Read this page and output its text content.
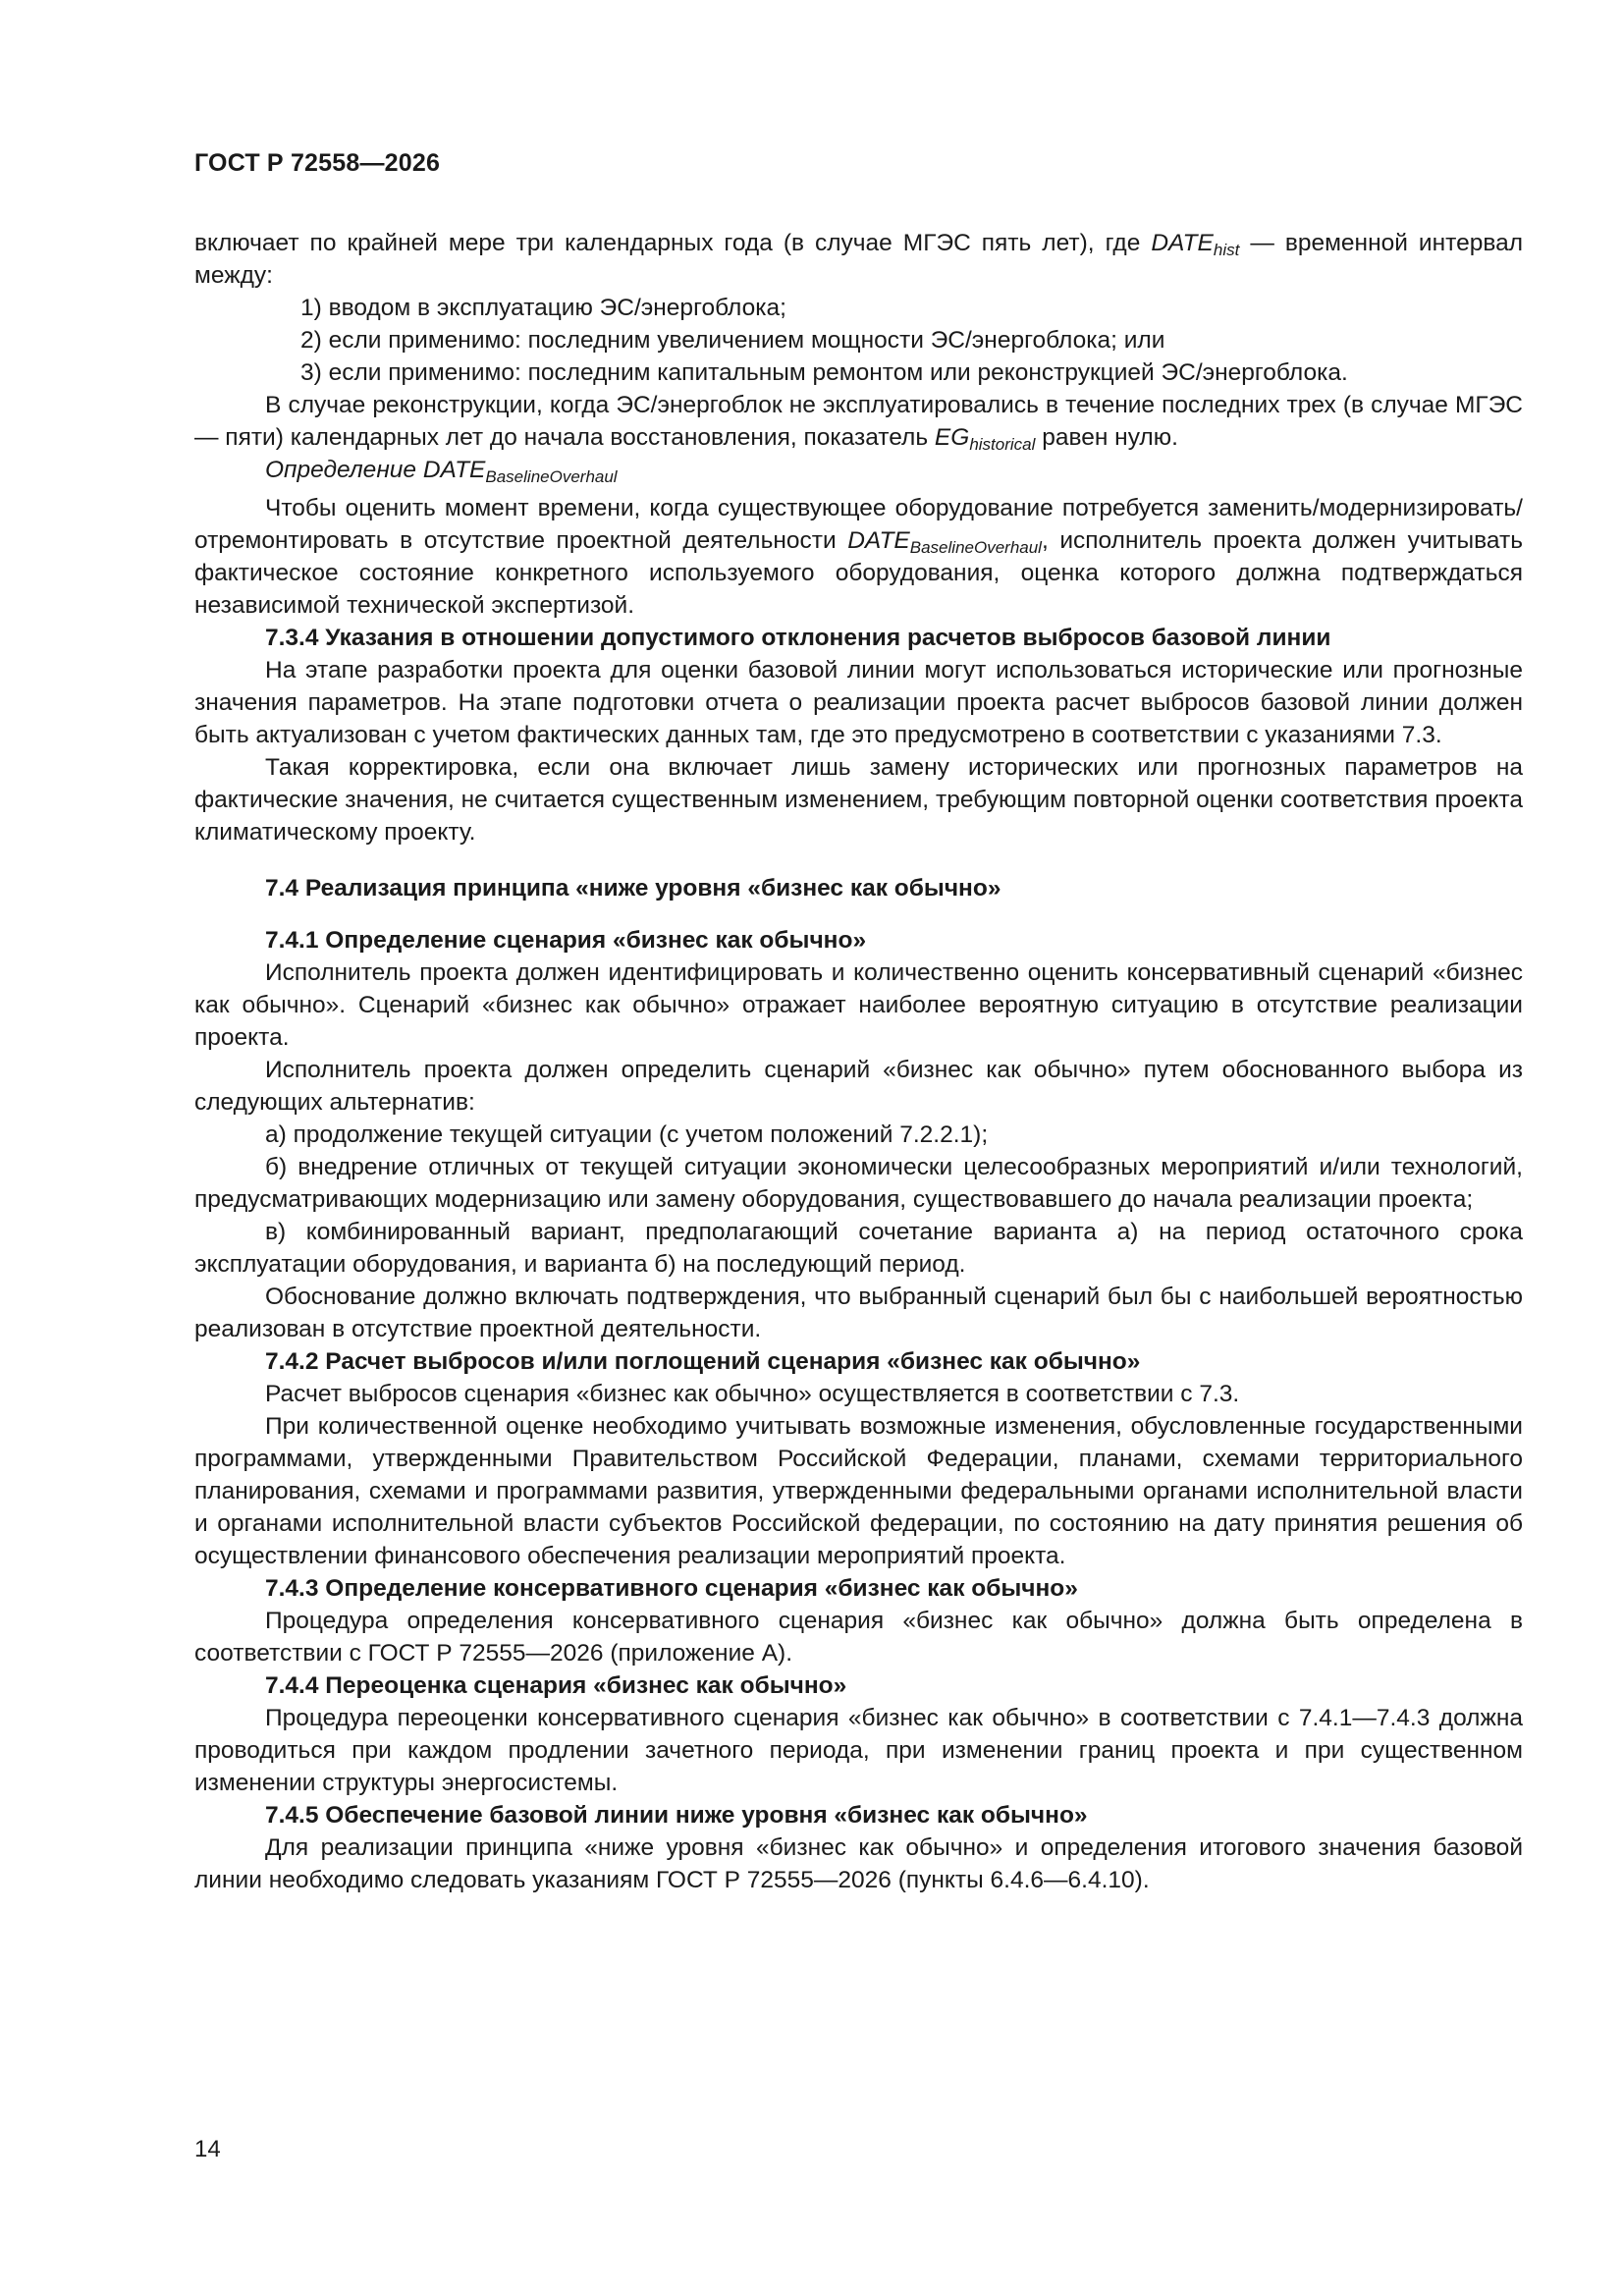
ГОСТ Р 72558—2026

включает по крайней мере три календарных года (в случае МГЭС пять лет), где $DATE_{hist}$ — временной интервал между:

1) вводом в эксплуатацию ЭС/энергоблока;

2) если применимо: последним увеличением мощности ЭС/энергоблока; или

3) если применимо: последним капитальным ремонтом или реконструкцией ЭС/энергоблока.

В случае реконструкции, когда ЭС/энергоблок не эксплуатировались в течение последних трех (в случае МГЭС — пяти) календарных лет до начала восстановления, показатель $EG_{historical}$ равен нулю.

Определение $DATE_{BaselineOverhaul}$

Чтобы оценить момент времени, когда существующее оборудование потребуется заменить/модернизировать/отремонтировать в отсутствие проектной деятельности $DATE_{BaselineOverhaul}$, исполнитель проекта должен учитывать фактическое состояние конкретного используемого оборудования, оценка которого должна подтверждаться независимой технической экспертизой.

7.3.4 Указания в отношении допустимого отклонения расчетов выбросов базовой линии

На этапе разработки проекта для оценки базовой линии могут использоваться исторические или прогнозные значения параметров. На этапе подготовки отчета о реализации проекта расчет выбросов базовой линии должен быть актуализован с учетом фактических данных там, где это предусмотрено в соответствии с указаниями 7.3.

Такая корректировка, если она включает лишь замену исторических или прогнозных параметров на фактические значения, не считается существенным изменением, требующим повторной оценки соответствия проекта климатическому проекту.

7.4 Реализация принципа «ниже уровня «бизнес как обычно»

7.4.1 Определение сценария «бизнес как обычно»

Исполнитель проекта должен идентифицировать и количественно оценить консервативный сценарий «бизнес как обычно». Сценарий «бизнес как обычно» отражает наиболее вероятную ситуацию в отсутствие реализации проекта.

Исполнитель проекта должен определить сценарий «бизнес как обычно» путем обоснованного выбора из следующих альтернатив:

а) продолжение текущей ситуации (с учетом положений 7.2.2.1);

б) внедрение отличных от текущей ситуации экономически целесообразных мероприятий и/или технологий, предусматривающих модернизацию или замену оборудования, существовавшего до начала реализации проекта;

в) комбинированный вариант, предполагающий сочетание варианта а) на период остаточного срока эксплуатации оборудования, и варианта б) на последующий период.

Обоснование должно включать подтверждения, что выбранный сценарий был бы с наибольшей вероятностью реализован в отсутствие проектной деятельности.

7.4.2 Расчет выбросов и/или поглощений сценария «бизнес как обычно»

Расчет выбросов сценария «бизнес как обычно» осуществляется в соответствии с 7.3.

При количественной оценке необходимо учитывать возможные изменения, обусловленные государственными программами, утвержденными Правительством Российской Федерации, планами, схемами территориального планирования, схемами и программами развития, утвержденными федеральными органами исполнительной власти и органами исполнительной власти субъектов Российской федерации, по состоянию на дату принятия решения об осуществлении финансового обеспечения реализации мероприятий проекта.

7.4.3 Определение консервативного сценария «бизнес как обычно»

Процедура определения консервативного сценария «бизнес как обычно» должна быть определена в соответствии с ГОСТ Р 72555—2026 (приложение А).

7.4.4 Переоценка сценария «бизнес как обычно»

Процедура переоценки консервативного сценария «бизнес как обычно» в соответствии с 7.4.1—7.4.3 должна проводиться при каждом продлении зачетного периода, при изменении границ проекта и при существенном изменении структуры энергосистемы.

7.4.5 Обеспечение базовой линии ниже уровня «бизнес как обычно»

Для реализации принципа «ниже уровня «бизнес как обычно» и определения итогового значения базовой линии необходимо следовать указаниям ГОСТ Р 72555—2026 (пункты 6.4.6—6.4.10).

14
